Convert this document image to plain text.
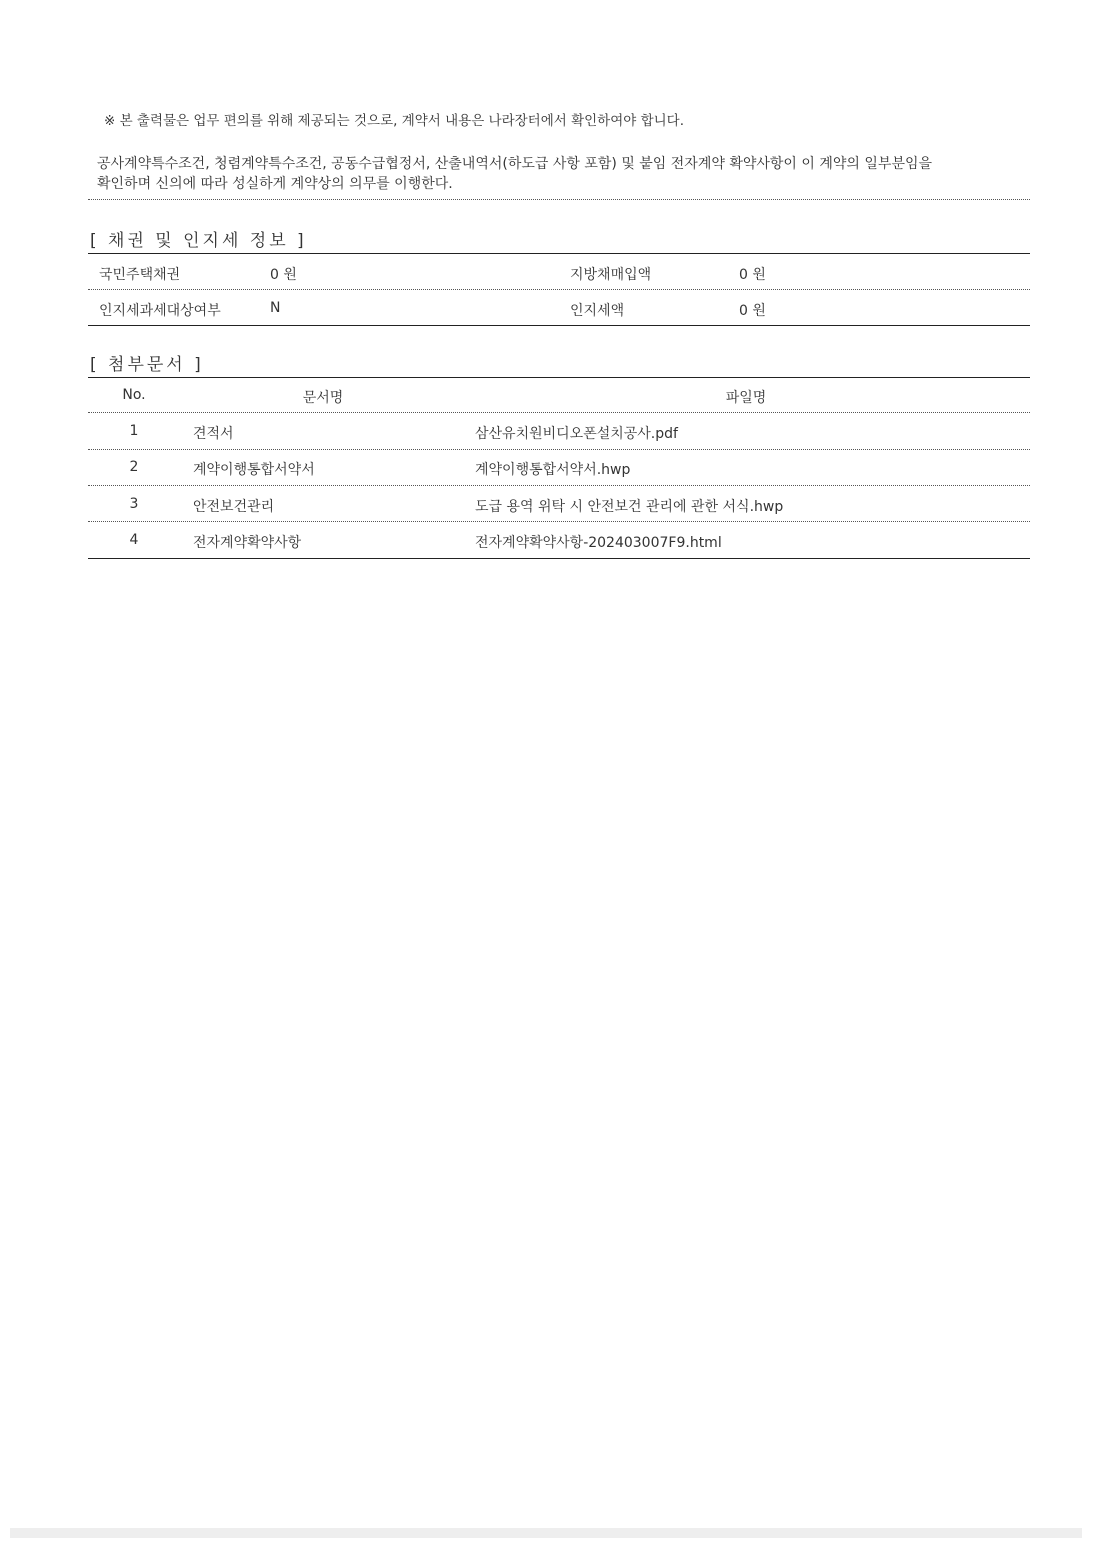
※ 본 출력물은 업무 편의를 위해 제공되는 것으로, 계약서 내용은 나라장터에서 확인하여야 합니다.
공사계약특수조건, 청렴계약특수조건, 공동수급협정서, 산출내역서(하도급 사항 포함) 및 붙임 전자계약 확약사항이 이 계약의 일부분임을
확인하며 신의에 따라 성실하게 계약상의 의무를 이행한다.
[ 채권 및 인지세 정보 ]
국민주택채권	0 원	지방채매입액	0 원
인지세과세대상여부	N	인지세액	0 원
[ 첨부문서 ]
No.	문서명	파일명
1	견적서	삼산유치원비디오폰설치공사.pdf
2	계약이행통합서약서	계약이행통합서약서.hwp
3	안전보건관리	도급 용역 위탁 시 안전보건 관리에 관한 서식.hwp
4	전자계약확약사항	전자계약확약사항-202403007F9.html
